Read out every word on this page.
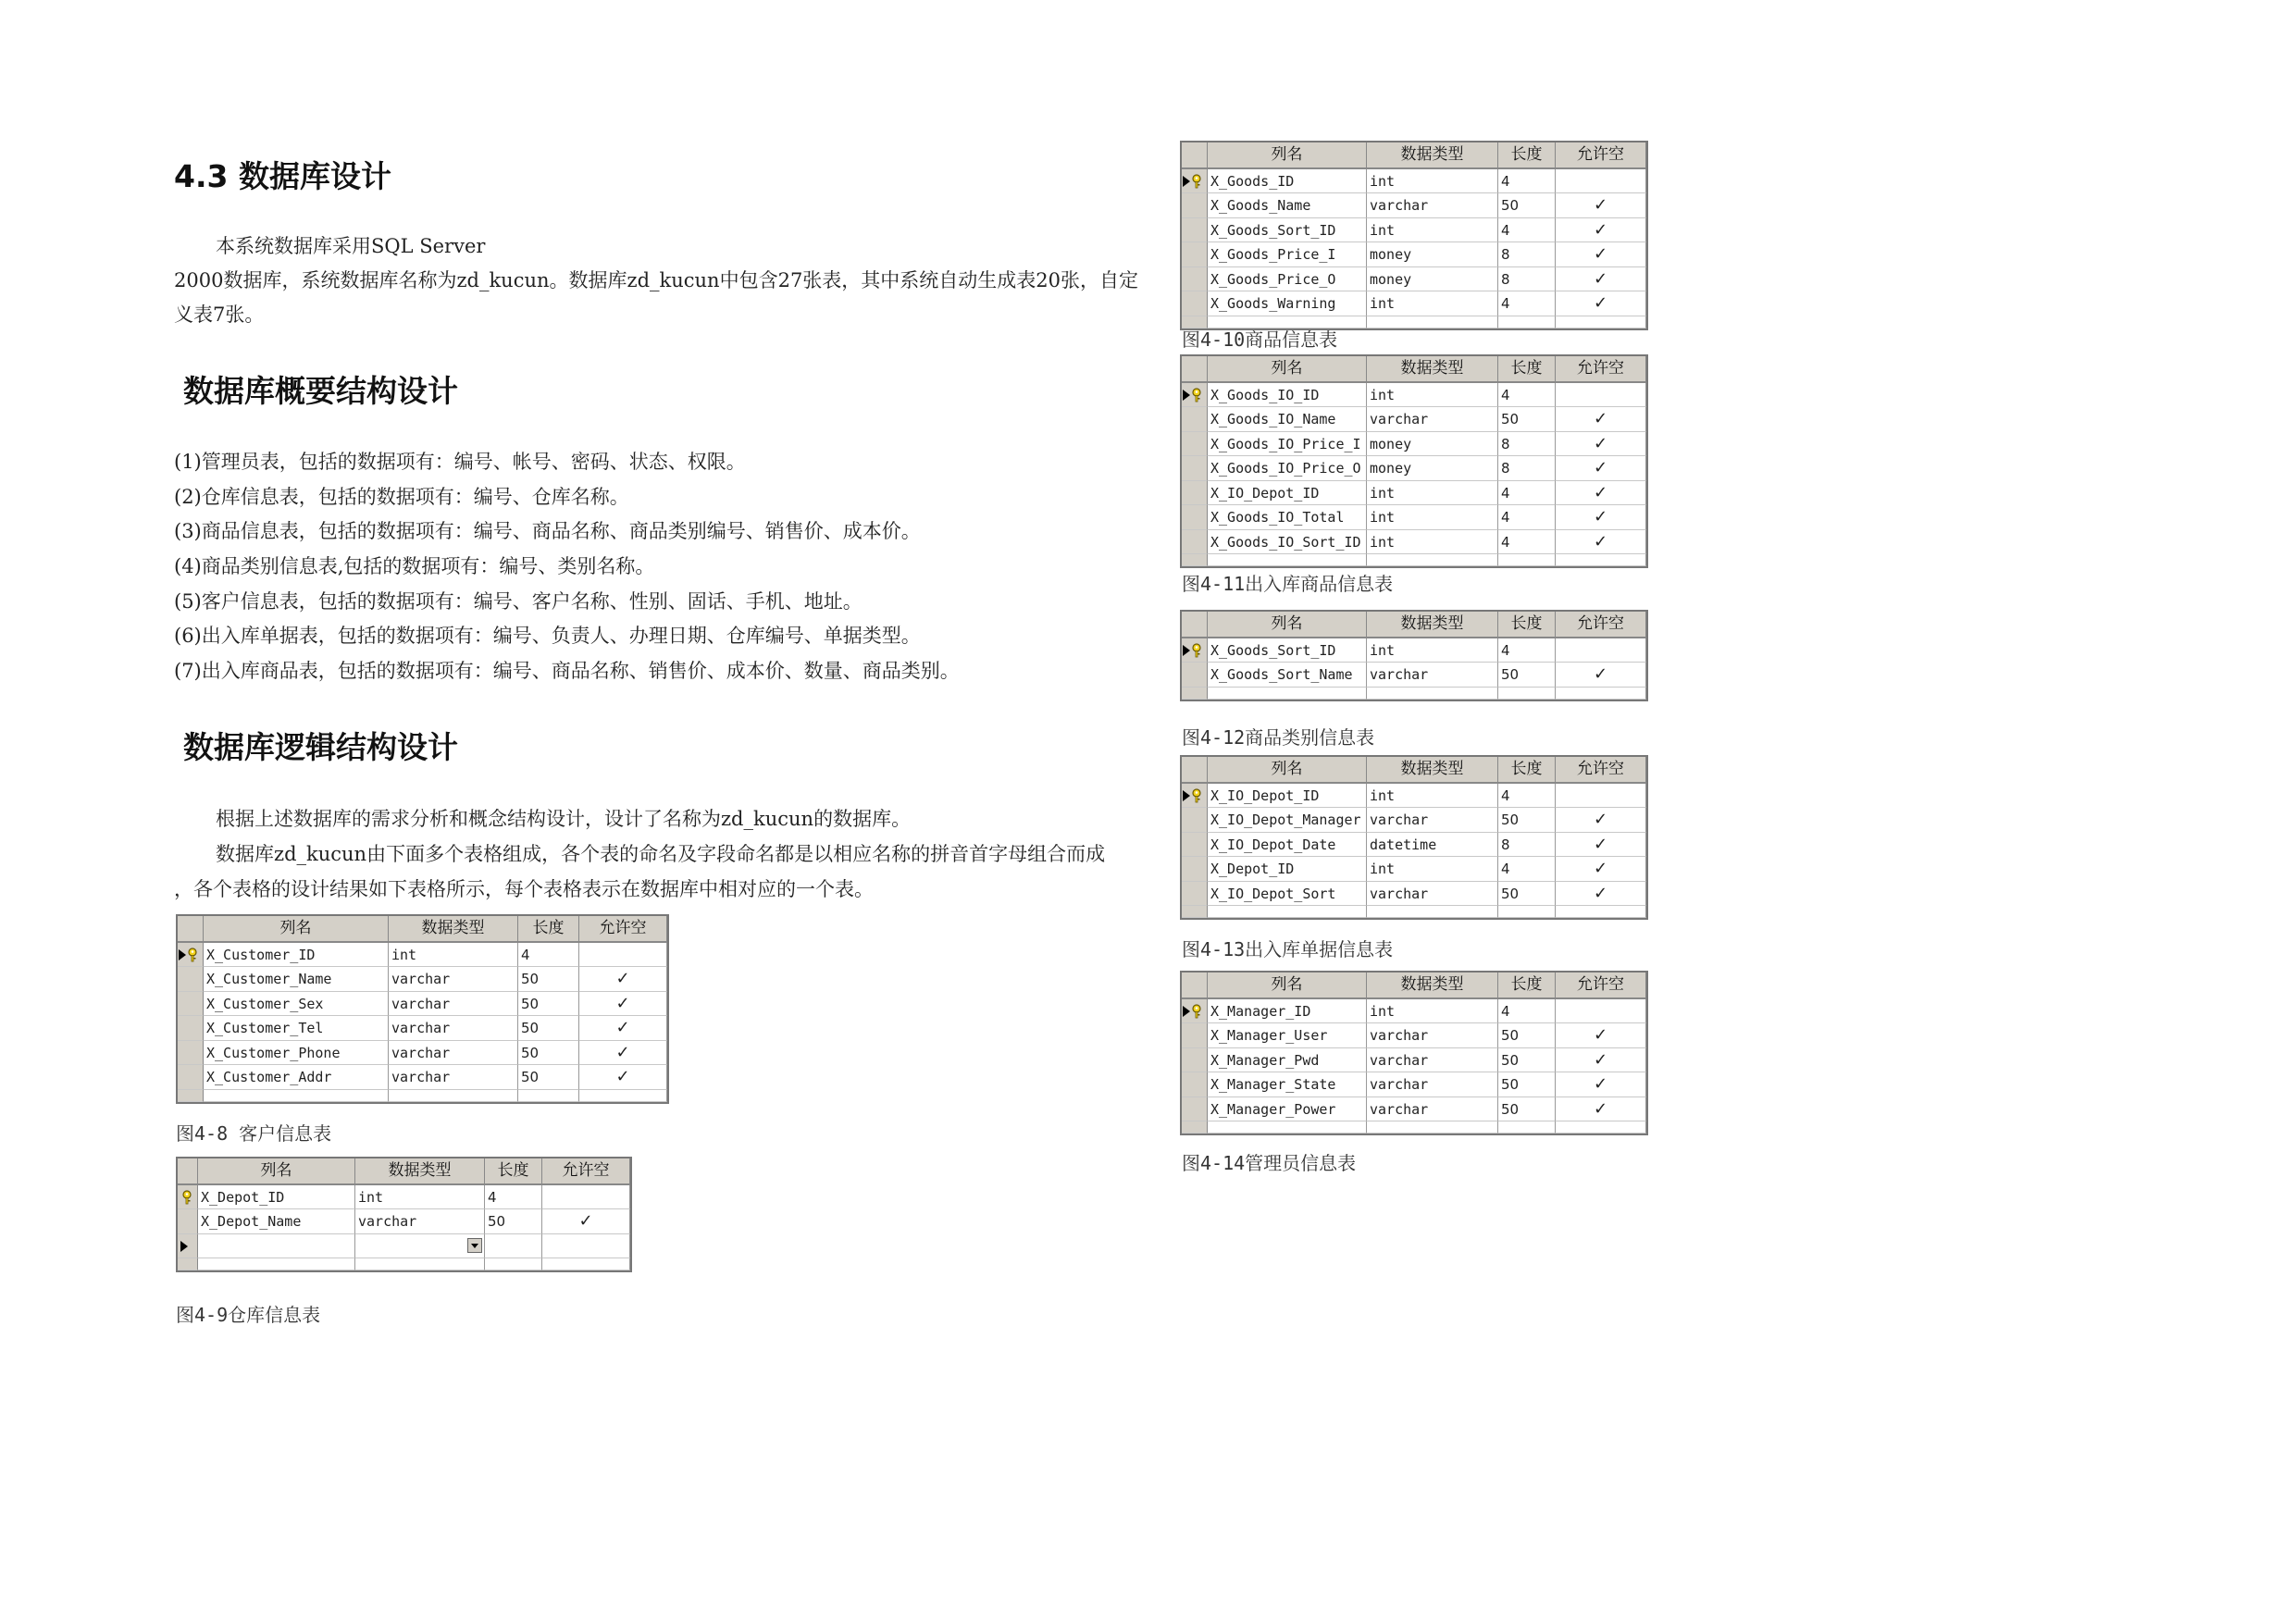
4.3 数据库设计
本系统数据库采用SQL Server
2000数据库，系统数据库名称为zd_kucun。数据库zd_kucun中包含27张表，其中系统自动生成表20张，自定
义表7张。
数据库概要结构设计
(1)管理员表，包括的数据项有：编号、帐号、密码、状态、权限。
(2)仓库信息表，包括的数据项有：编号、仓库名称。
(3)商品信息表，包括的数据项有：编号、商品名称、商品类别编号、销售价、成本价。
(4)商品类别信息表,包括的数据项有：编号、类别名称。
(5)客户信息表，包括的数据项有：编号、客户名称、性别、固话、手机、地址。
(6)出入库单据表，包括的数据项有：编号、负责人、办理日期、仓库编号、单据类型。
(7)出入库商品表，包括的数据项有：编号、商品名称、销售价、成本价、数量、商品类别。
数据库逻辑结构设计
根据上述数据库的需求分析和概念结构设计，设计了名称为zd_kucun的数据库。
数据库zd_kucun由下面多个表格组成，各个表的命名及字段命名都是以相应名称的拼音首字母组合而成
，各个表格的设计结果如下表格所示，每个表格表示在数据库中相对应的一个表。
列名	数据类型	长度	允许空
X_Customer_ID	int	4
X_Customer_Name	varchar	50	✓
X_Customer_Sex	varchar	50	✓
X_Customer_Tel	varchar	50	✓
X_Customer_Phone	varchar	50	✓
X_Customer_Addr	varchar	50	✓
图4-8 客户信息表
列名	数据类型	长度	允许空
X_Depot_ID	int	4
X_Depot_Name	varchar	50	✓
图4-9仓库信息表
列名	数据类型	长度	允许空
X_Goods_ID	int	4
X_Goods_Name	varchar	50	✓
X_Goods_Sort_ID	int	4	✓
X_Goods_Price_I	money	8	✓
X_Goods_Price_O	money	8	✓
X_Goods_Warning	int	4	✓
图4-10商品信息表
列名	数据类型	长度	允许空
X_Goods_IO_ID	int	4
X_Goods_IO_Name	varchar	50	✓
X_Goods_IO_Price_I money	8	✓
X_Goods_IO_Price_O money	8	✓
X_IO_Depot_ID	int	4	✓
X_Goods_IO_Total	int	4	✓
X_Goods_IO_Sort_ID int	4	✓
图4-11出入库商品信息表
列名	数据类型	长度	允许空
X_Goods_Sort_ID	int	4
X_Goods_Sort_Name	varchar	50	✓
图4-12商品类别信息表
列名	数据类型	长度	允许空
X_IO_Depot_ID	int	4
X_IO_Depot_Manager varchar	50	✓
X_IO_Depot_Date	datetime	8	✓
X_Depot_ID	int	4	✓
X_IO_Depot_Sort	varchar	50	✓
图4-13出入库单据信息表
列名	数据类型	长度	允许空
X_Manager_ID	int	4
X_Manager_User	varchar	50	✓
X_Manager_Pwd	varchar	50	✓
X_Manager_State	varchar	50	✓
X_Manager_Power	varchar	50	✓
图4-14管理员信息表
